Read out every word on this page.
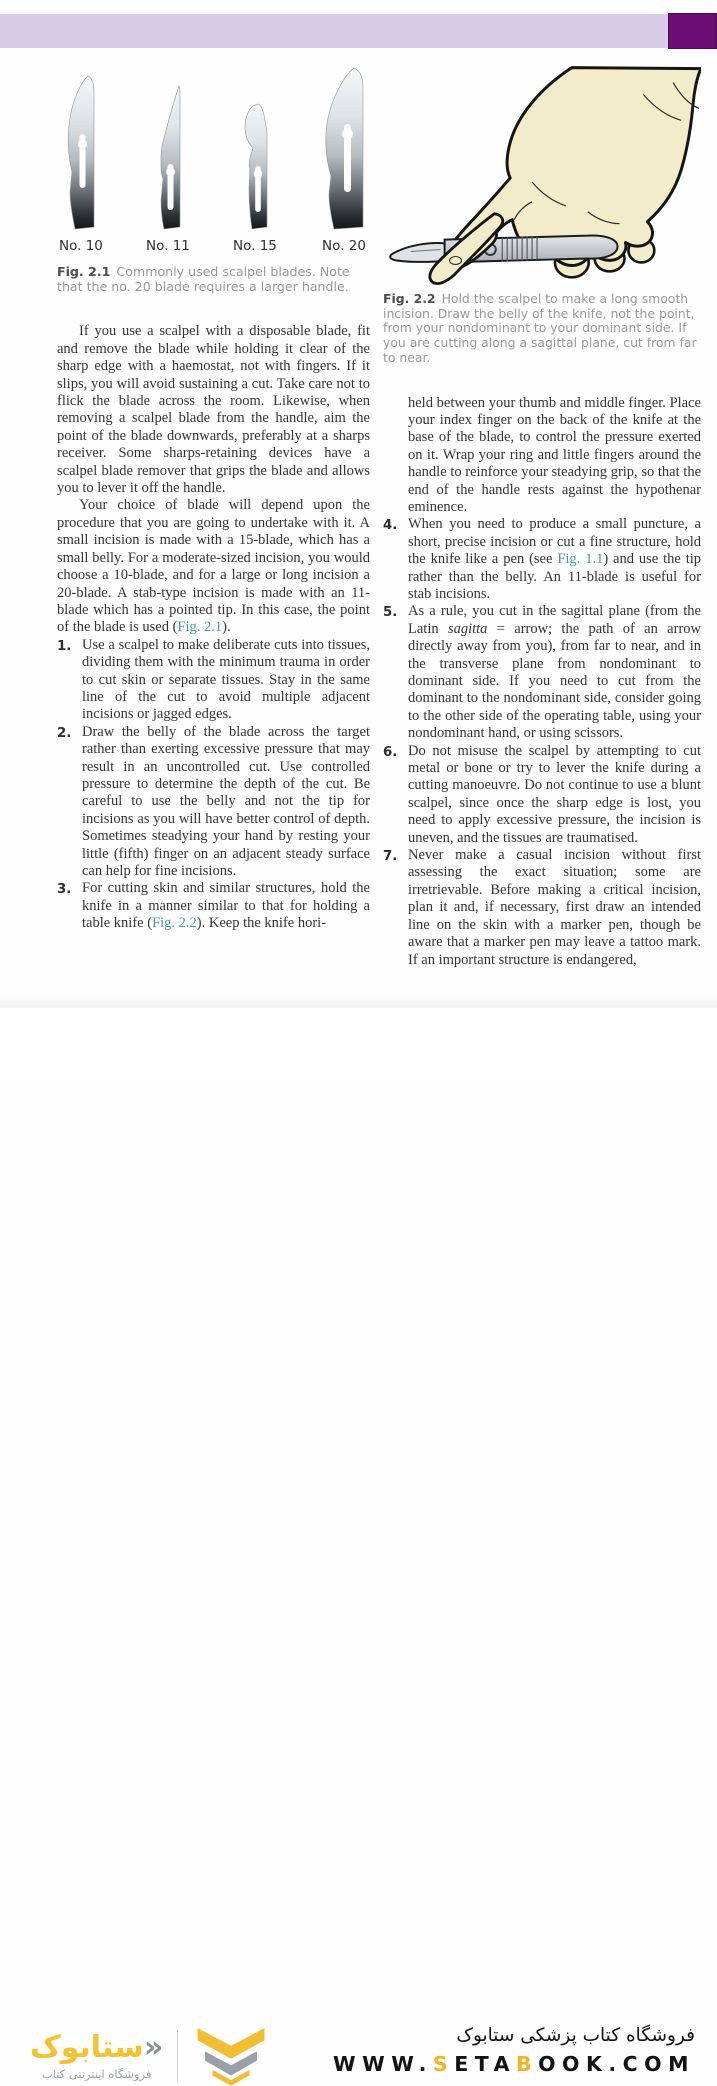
No. 10	No. 11	No. 15	No. 20
Fig. 2.1 Commonly used scalpel blades. Note that the no. 20 blade requires a larger handle.

If you use a scalpel with a disposable blade, fit and remove the blade while holding it clear of the sharp edge with a haemostat, not with fingers. If it slips, you will avoid sustaining a cut. Take care not to flick the blade across the room. Likewise, when removing a scalpel blade from the handle, aim the point of the blade downwards, preferably at a sharps receiver. Some sharps-retaining devices have a scalpel blade remover that grips the blade and allows you to lever it off the handle.

Your choice of blade will depend upon the procedure that you are going to undertake with it. A small incision is made with a 15-blade, which has a small belly. For a moderate-sized incision, you would choose a 10-blade, and for a large or long incision a 20-blade. A stab-type incision is made with an 11-blade which has a pointed tip. In this case, the point of the blade is used (Fig. 2.1).

1. Use a scalpel to make deliberate cuts into tissues, dividing them with the minimum trauma in order to cut skin or separate tissues. Stay in the same line of the cut to avoid multiple adjacent incisions or jagged edges.
2. Draw the belly of the blade across the target rather than exerting excessive pressure that may result in an uncontrolled cut. Use controlled pressure to determine the depth of the cut. Be careful to use the belly and not the tip for incisions as you will have better control of depth. Sometimes steadying your hand by resting your little (fifth) finger on an adjacent steady surface can help for fine incisions.
3. For cutting skin and similar structures, hold the knife in a manner similar to that for holding a table knife (Fig. 2.2). Keep the knife hori-
Fig. 2.2 Hold the scalpel to make a long smooth incision. Draw the belly of the knife, not the point, from your nondominant to your dominant side. If you are cutting along a sagittal plane, cut from far to near.
held between your thumb and middle finger. Place your index finger on the back of the knife at the base of the blade, to control the pressure exerted on it. Wrap your ring and little fingers around the handle to reinforce your steadying grip, so that the end of the handle rests against the hypothenar eminence.
4. When you need to produce a small puncture, a short, precise incision or cut a fine structure, hold the knife like a pen (see Fig. 1.1) and use the tip rather than the belly. An 11-blade is useful for stab incisions.
5. As a rule, you cut in the sagittal plane (from the Latin sagitta = arrow; the path of an arrow directly away from you), from far to near, and in the transverse plane from nondominant to dominant side. If you need to cut from the dominant to the nondominant side, consider going to the other side of the operating table, using your nondominant hand, or using scissors.
6. Do not misuse the scalpel by attempting to cut metal or bone or try to lever the knife during a cutting manoeuvre. Do not continue to use a blunt scalpel, since once the sharp edge is lost, you need to apply excessive pressure, the incision is uneven, and the tissues are traumatised.
7. Never make a casual incision without first assessing the exact situation; some are irretrievable. Before making a critical incision, plan it and, if necessary, first draw an intended line on the skin with a marker pen, though be aware that a marker pen may leave a tattoo mark. If an important structure is endangered,
«ستابوک
فروشگاه اینترنتی کتاب
فروشگاه کتاب پزشکی ستابوک
WWW.SETABOOK.COM
